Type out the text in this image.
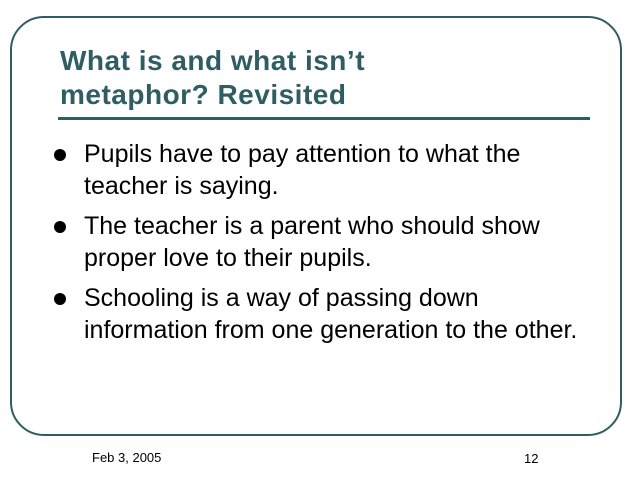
What is and what isn’t
metaphor? Revisited
Pupils have to pay attention to what the teacher is saying.
The teacher is a parent who should show proper love to their pupils.
Schooling is a way of passing down information from one generation to the other.
Feb 3, 2005	12
